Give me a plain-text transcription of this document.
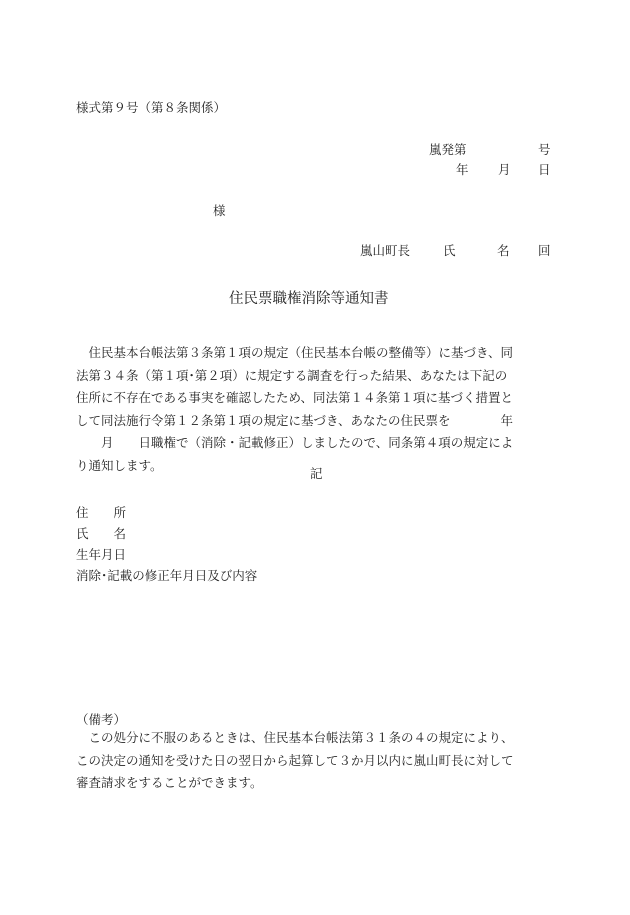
様式第９号（第８条関係）
嵐発第	号
年 月 日
様
嵐山町長	氏	名 回
住民票職権消除等通知書
　住民基本台帳法第３条第１項の規定（住民基本台帳の整備等）に基づき、同
法第３４条（第１項･第２項）に規定する調査を行った結果、あなたは下記の
住所に不存在である事実を確認したため、同法第１４条第１項に基づく措置と
して同法施行令第１２条第１項の規定に基づき、あなたの住民票を　　　　年
　　月　　日職権で（消除・記載修正）しましたので、同条第４項の規定によ
り通知します。
記
住　　所
氏　　名
生年月日
消除･記載の修正年月日及び内容
（備考）
　この処分に不服のあるときは、住民基本台帳法第３１条の４の規定により、
この決定の通知を受けた日の翌日から起算して３か月以内に嵐山町長に対して
審査請求をすることができます。
